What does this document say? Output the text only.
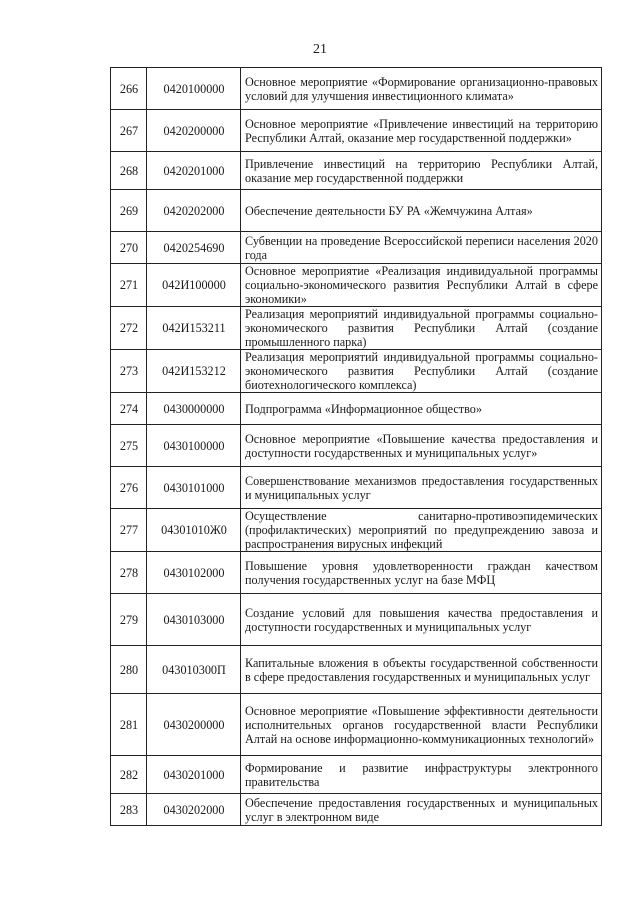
21
266	0420100000	Основное мероприятие «Формирование организационно-правовых условий для улучшения инвестиционного климата»
267	0420200000	Основное мероприятие «Привлечение инвестиций на территорию Республики Алтай, оказание мер государственной поддержки»
268	0420201000	Привлечение инвестиций на территорию Республики Алтай, оказание мер государственной поддержки
269	0420202000	Обеспечение деятельности БУ РА «Жемчужина Алтая»
270	0420254690	Субвенции на проведение Всероссийской переписи населения 2020 года
271	042И100000	Основное мероприятие «Реализация индивидуальной программы социально-экономического развития Республики Алтай в сфере экономики»
272	042И153211	Реализация мероприятий индивидуальной программы социально-экономического развития Республики Алтай (создание промышленного парка)
273	042И153212	Реализация мероприятий индивидуальной программы социально-экономического развития Республики Алтай (создание биотехнологического комплекса)
274	0430000000	Подпрограмма «Информационное общество»
275	0430100000	Основное мероприятие «Повышение качества предоставления и доступности государственных и муниципальных услуг»
276	0430101000	Совершенствование механизмов предоставления государственных и муниципальных услуг
277	04301010Ж0	Осуществление санитарно-противоэпидемических (профилактических) мероприятий по предупреждению завоза и распространения вирусных инфекций
278	0430102000	Повышение уровня удовлетворенности граждан качеством получения государственных услуг на базе МФЦ
279	0430103000	Создание условий для повышения качества предоставления и доступности государственных и муниципальных услуг
280	043010300П	Капитальные вложения в объекты государственной собственности в сфере предоставления государственных и муниципальных услуг
281	0430200000	Основное мероприятие «Повышение эффективности деятельности исполнительных органов государственной власти Республики Алтай на основе информационно-коммуникационных технологий»
282	0430201000	Формирование и развитие инфраструктуры электронного правительства
283	0430202000	Обеспечение предоставления государственных и муниципальных услуг в электронном виде
